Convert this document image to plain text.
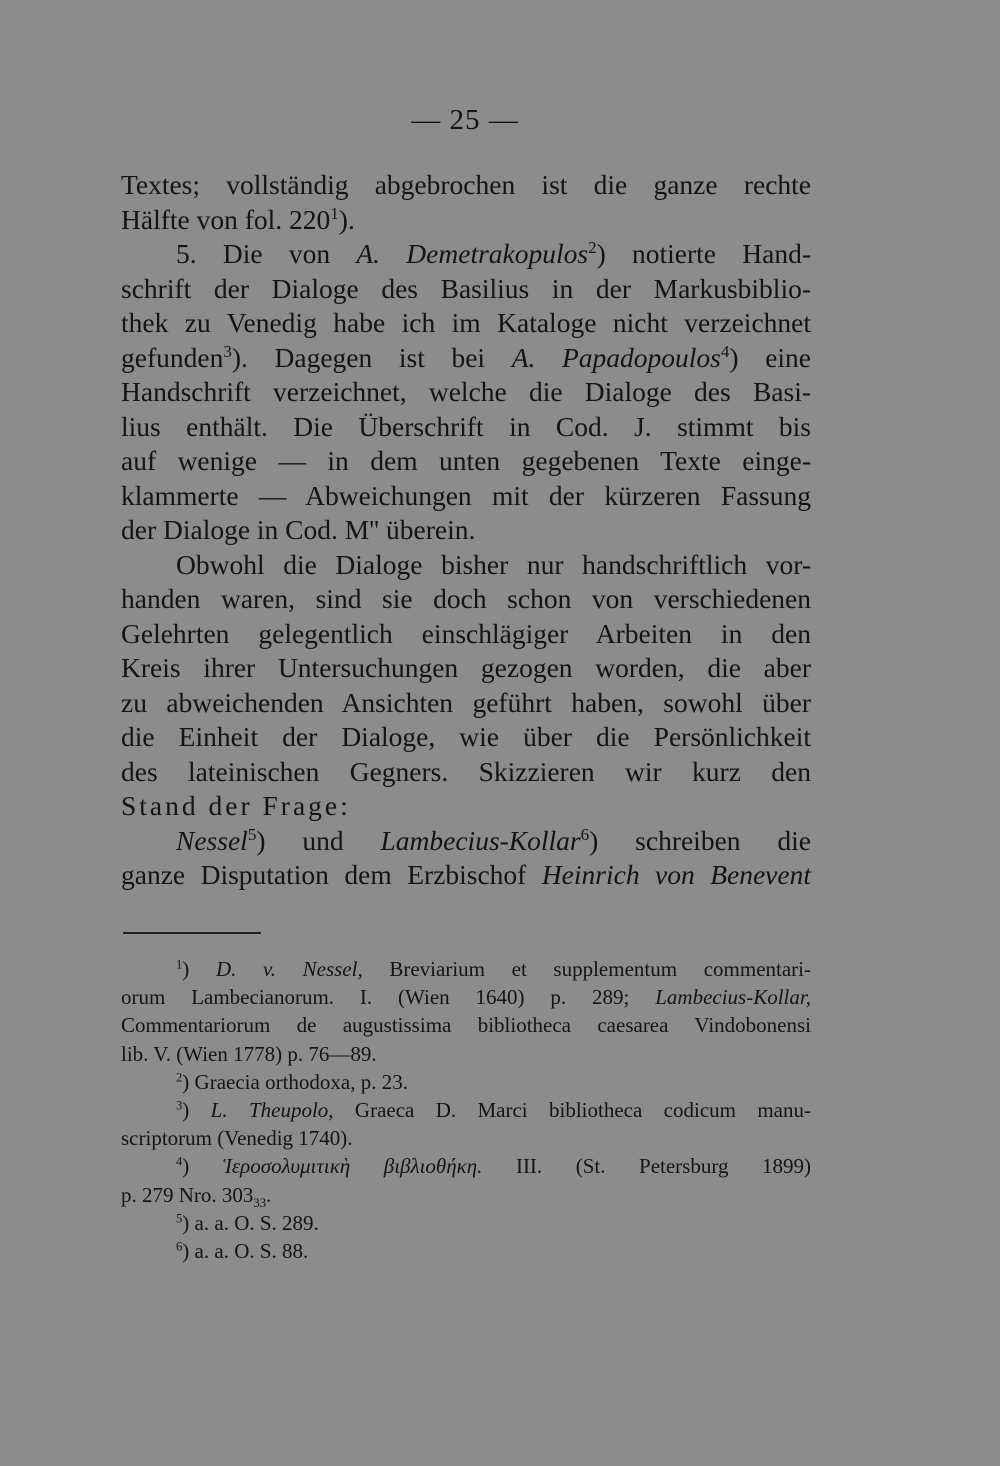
— 25 —
Textes; vollständig abgebrochen ist die ganze rechte
Hälfte von fol. $220^1$).
5. Die von A. Demetrakopulos$^2$) notierte Hand-
schrift der Dialoge des Basilius in der Markusbiblio-
thek zu Venedig habe ich im Kataloge nicht verzeichnet
gefunden$^3$). Dagegen ist bei A. Papadopoulos$^4$) eine
Handschrift verzeichnet, welche die Dialoge des Basi-
lius enthält. Die Überschrift in Cod. J. stimmt bis
auf wenige — in dem unten gegebenen Texte einge-
klammerte — Abweichungen mit der kürzeren Fassung
der Dialoge in Cod. M'' überein.
Obwohl die Dialoge bisher nur handschriftlich vor-
handen waren, sind sie doch schon von verschiedenen
Gelehrten gelegentlich einschlägiger Arbeiten in den
Kreis ihrer Untersuchungen gezogen worden, die aber
zu abweichenden Ansichten geführt haben, sowohl über
die Einheit der Dialoge, wie über die Persönlichkeit
des lateinischen Gegners. Skizzieren wir kurz den
Stand der Frage:
Nessel$^5$) und Lambecius-Kollar$^6$) schreiben die
ganze Disputation dem Erzbischof Heinrich von Benevent
$^1$) D. v. Nessel, Breviarium et supplementum commentari-
orum Lambecianorum. I. (Wien 1640) p. 289; Lambecius-Kollar,
Commentariorum de augustissima bibliotheca caesarea Vindobonensi
lib. V. (Wien 1778) p. 76—89.
$^2$) Graecia orthodoxa, p. 23.
$^3$) L. Theupolo, Graeca D. Marci bibliotheca codicum manu-
scriptorum (Venedig 1740).
$^4$) Ἱεροσολυμιτικὴ βιβλιοθήκη. III. (St. Petersburg 1899)
p. 279 Nro. $303_{33}$.
$^5$) a. a. O. S. 289.
$^6$) a. a. O. S. 88.
